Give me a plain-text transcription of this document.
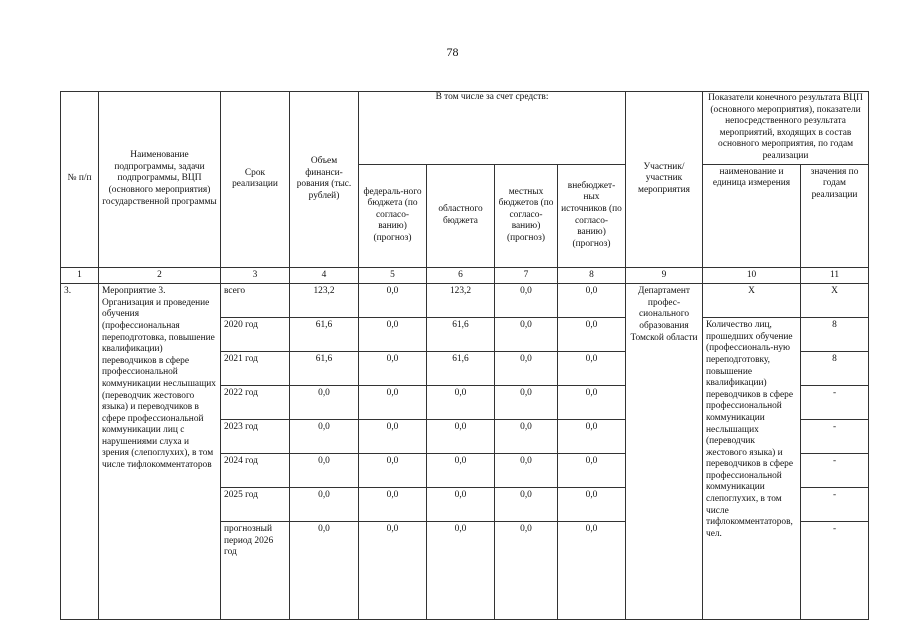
78
№ п/п	Наименование подпрограммы, задачи подпрограммы, ВЦП (основного мероприятия) государственной программы	Срок реализации	Объем финанси-рования (тыс. рублей)	В том числе за счет средств:				Участник/ участник мероприятия	Показатели конечного результата ВЦП (основного мероприятия), показатели непосредственного результата мероприятий, входящих в состав основного мероприятия, по годам реализации	
				федераль-ного бюджета (по согласо-ванию) (прогноз)	областного бюджета	местных бюджетов (по согласо-ванию) (прогноз)	внебюджет-ных источников (по согласо-ванию) (прогноз)		наименование и единица измерения	значения по годам реализации
1	2	3	4	5	6	7	8	9	10	11
3.	Мероприятие 3. Организация и проведение обучения (профессиональная переподготовка, повышение квалификации) переводчиков в сфере профессиональной коммуникации неслышащих (переводчик жестового языка) и переводчиков в сфере профессиональной коммуникации лиц с нарушениями слуха и зрения (слепоглухих), в том числе тифлокомментаторов	всего	123,2	0,0	123,2	0,0	0,0	Департамент профес-сионального образования Томской области	Х	Х
		2020 год	61,6	0,0	61,6	0,0	0,0		Количество лиц, прошедших обучение (профессиональ-ную переподготовку, повышение квалификации) переводчиков в сфере профессиональной коммуникации неслышащих (переводчик жестового языка) и переводчиков в сфере профессиональной коммуникации слепоглухих, в том числе тифлокомментаторов, чел.	8
		2021 год	61,6	0,0	61,6	0,0	0,0			8
		2022 год	0,0	0,0	0,0	0,0	0,0			-
		2023 год	0,0	0,0	0,0	0,0	0,0			-
		2024 год	0,0	0,0	0,0	0,0	0,0			-
		2025 год	0,0	0,0	0,0	0,0	0,0			-
		прогнозный период 2026 год	0,0	0,0	0,0	0,0	0,0			-
